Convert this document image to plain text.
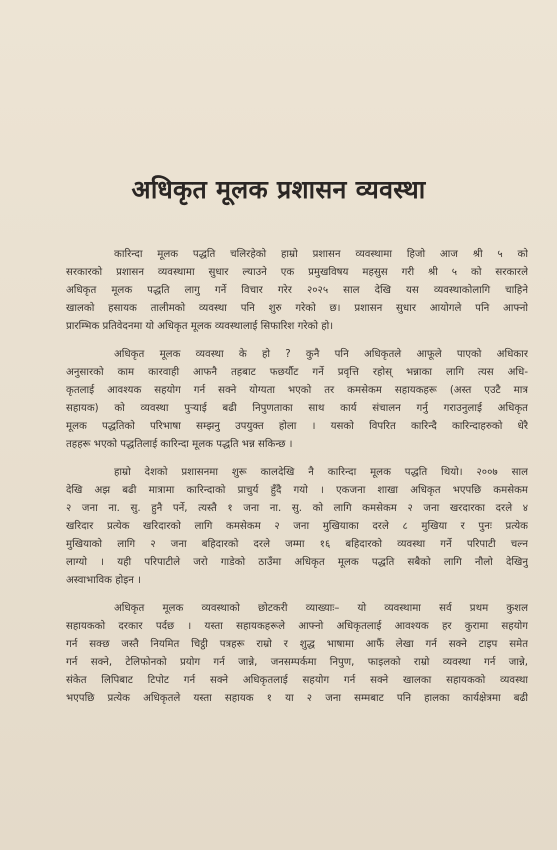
अधिकृत मूलक प्रशासन व्यवस्था
कारिन्दा मूलक पद्धति चलिरहेको हाम्रो प्रशासन व्यवस्थामा हिजो आज श्री ५ को
सरकारको प्रशासन व्यवस्थामा सुधार ल्याउने एक प्रमुखविषय महसुस गरी श्री ५ को सरकारले
अधिकृत मूलक पद्धति लागु गर्ने विचार गरेर २०२५ साल देखि यस व्यवस्थाकोलागि चाहिने
खालको हसायक तालीमको व्यवस्था पनि शुरु गरेको छ। प्रशासन सुधार आयोगले पनि आफ्नो
प्रारम्भिक प्रतिवेदनमा यो अधिकृत मूलक व्यवस्थालाई सिफारिश गरेको हो।
अधिकृत मूलक व्यवस्था के हो ? कुनै पनि अधिकृतले आफूले पाएको अधिकार
अनुसारको काम कारवाही आफनै तहबाट फछर्यौट गर्ने प्रवृत्ति रहोस् भन्नाका लागि त्यस अधि-
कृतलाई आवश्यक सहयोग गर्न सक्ने योग्यता भएको तर कमसेकम सहायकहरू (अस्त एउटै मात्र
सहायक) को व्यवस्था पुऱ्याई बढी निपुणताका साथ कार्य संचालन गर्नु गराउनुलाई अधिकृत
मूलक पद्धतिको परिभाषा सम्झनु उपयुक्त होला । यसको विपरित कारिन्दै कारिन्दाहरुको धेरै
तहहरू भएको पद्धतिलाई कारिन्दा मूलक पद्धति भन्न सकिन्छ ।
हाम्रो देशको प्रशासनमा शुरू कालदेखि नै कारिन्दा मूलक पद्धति थियो। २००७ साल
देखि अझ बढी मात्रामा कारिन्दाको प्राचुर्य हुँदै गयो । एकजना शाखा अधिकृत भएपछि कमसेकम
२ जना ना. सु. हुनै पर्ने, त्यस्तै १ जना ना. सु. को लागि कमसेकम २ जना खरदारका दरले ४
खरिदार प्रत्येक खरिदारको लागि कमसेकम २ जना मुखियाका दरले ८ मुखिया र पुनः प्रत्येक
मुखियाको लागि २ जना बहिदारको दरले जम्मा १६ बहिदारको व्यवस्था गर्ने परिपाटी चल्न
लाग्यो । यही परिपाटीले जरो गाडेको ठाउँमा अधिकृत मूलक पद्धति सबैको लागि नौलो देखिनु
अस्वाभाविक होइन ।
अधिकृत मूलक व्यवस्थाको छोटकरी व्याख्याः– यो व्यवस्थामा सर्व प्रथम कुशल
सहायकको दरकार पर्दछ । यस्ता सहायकहरूले आफ्नो अधिकृतलाई आवश्यक हर कुरामा सहयोग
गर्न सक्छ जस्तै नियमित चिट्ठी पत्रहरू राम्रो र शुद्ध भाषामा आफैं लेखा गर्न सक्ने टाइप समेत
गर्न सक्ने, टेलिफोनको प्रयोग गर्न जान्ने, जनसम्पर्कमा निपुण, फाइलको राम्रो व्यवस्था गर्न जान्ने,
संकेत लिपिबाट टिपोट गर्न सक्ने अधिकृतलाई सहयोग गर्न सक्ने खालका सहायकको व्यवस्था
भएपछि प्रत्येक अधिकृतले यस्ता सहायक १ या २ जना सम्मबाट पनि हालका कार्यक्षेत्रमा बढी
